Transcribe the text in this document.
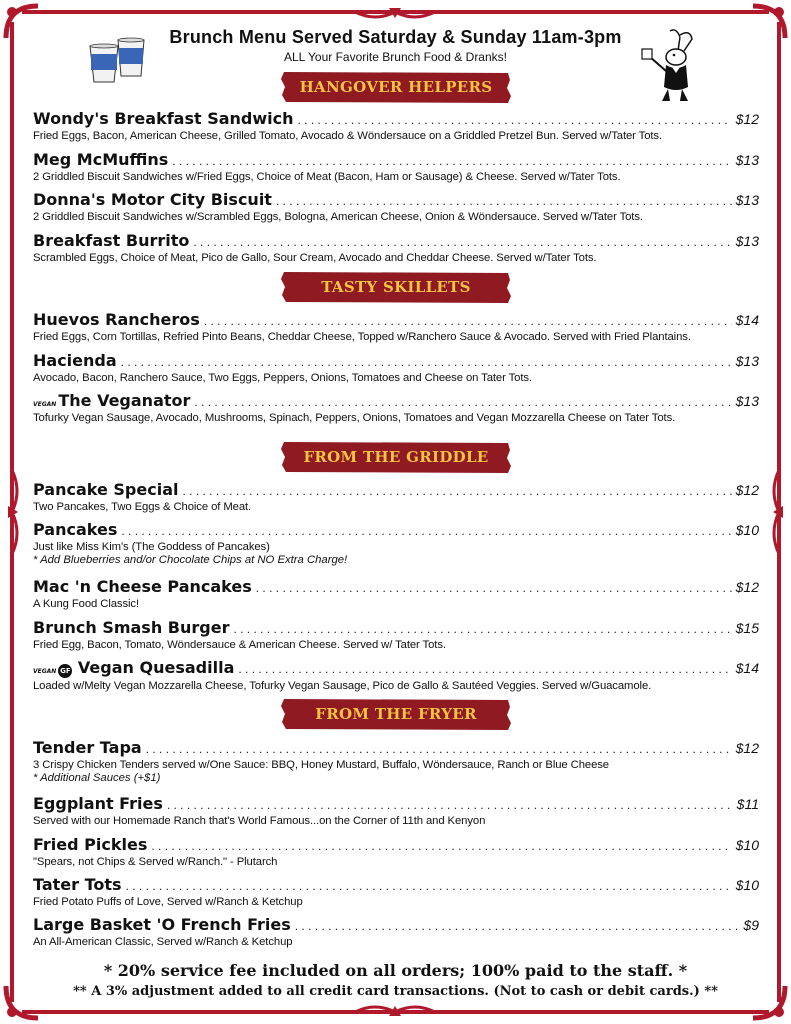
Brunch Menu Served Saturday & Sunday 11am-3pm
ALL Your Favorite Brunch Food & Dranks!
HANGOVER HELPERS
Wondy's Breakfast Sandwich . . .	$12
Fried Eggs, Bacon, American Cheese, Grilled Tomato, Avocado & Wöndersauce on a Griddled Pretzel Bun. Served w/Tater Tots.
Meg McMuffins . . .	$13
2 Griddled Biscuit Sandwiches w/Fried Eggs, Choice of Meat (Bacon, Ham or Sausage) & Cheese. Served w/Tater Tots.
Donna's Motor City Biscuit . . .	$13
2 Griddled Biscuit Sandwiches w/Scrambled Eggs, Bologna, American Cheese, Onion & Wöndersauce. Served w/Tater Tots.
Breakfast Burrito . . .	$13
Scrambled Eggs, Choice of Meat, Pico de Gallo, Sour Cream, Avocado and Cheddar Cheese. Served w/Tater Tots.
TASTY SKILLETS
Huevos Rancheros . . .	$14
Fried Eggs, Corn Tortillas, Refried Pinto Beans, Cheddar Cheese, Topped w/Ranchero Sauce & Avocado. Served with Fried Plantains.
Hacienda . . .	$13
Avocado, Bacon, Ranchero Sauce, Two Eggs, Peppers, Onions, Tomatoes and Cheese on Tater Tots.
VEGAN The Veganator . . .	$13
Tofurky Vegan Sausage, Avocado, Mushrooms, Spinach, Peppers, Onions, Tomatoes and Vegan Mozzarella Cheese on Tater Tots.
FROM THE GRIDDLE
Pancake Special . . .	$12
Two Pancakes, Two Eggs & Choice of Meat.
Pancakes . . .	$10
Just like Miss Kim's (The Goddess of Pancakes)
* Add Blueberries and/or Chocolate Chips at NO Extra Charge!
Mac 'n Cheese Pancakes . . .	$12
A Kung Food Classic!
Brunch Smash Burger . . .	$15
Fried Egg, Bacon, Tomato, Wöndersauce & American Cheese. Served w/ Tater Tots.
VEGAN GF Vegan Quesadilla . . .	$14
Loaded w/Melty Vegan Mozzarella Cheese, Tofurky Vegan Sausage, Pico de Gallo & Sautéed Veggies. Served w/Guacamole.
FROM THE FRYER
Tender Tapa . . .	$12
3 Crispy Chicken Tenders served w/One Sauce: BBQ, Honey Mustard, Buffalo, Wöndersauce, Ranch or Blue Cheese
* Additional Sauces (+$1)
Eggplant Fries . . .	$11
Served with our Homemade Ranch that's World Famous...on the Corner of 11th and Kenyon
Fried Pickles . . .	$10
"Spears, not Chips & Served w/Ranch." - Plutarch
Tater Tots . . .	$10
Fried Potato Puffs of Love, Served w/Ranch & Ketchup
Large Basket 'O French Fries . . .	$9
An All-American Classic, Served w/Ranch & Ketchup
* 20% service fee included on all orders; 100% paid to the staff. *
** A 3% adjustment added to all credit card transactions. (Not to cash or debit cards.) **
